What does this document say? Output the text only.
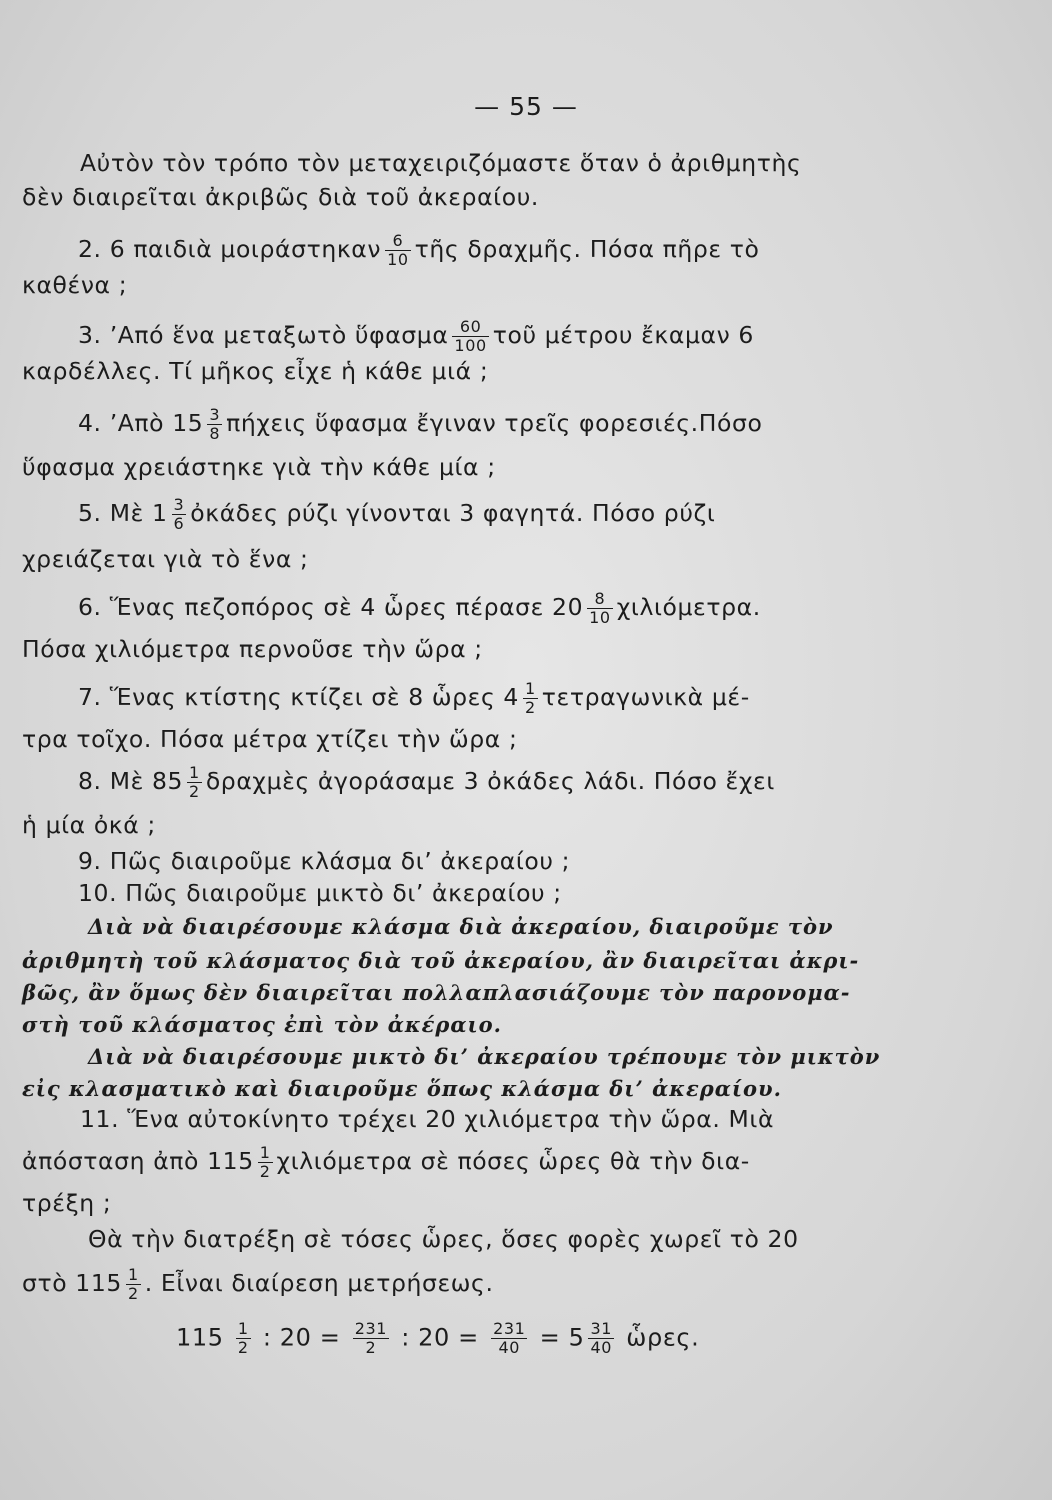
— 55 —
Αὐτὸν τὸν τρόπο τὸν μεταχειριζόμαστε ὅταν ὁ ἀριθμητὴς
δὲν διαιρεῖται ἀκριβῶς διὰ τοῦ ἀκεραίου.
2. 6 παιδιὰ μοιράστηκαν $\frac{6}{10}$ τῆς δραχμῆς. Πόσα πῆρε τὸ
καθένα ;
3. ’Από ἕνα μεταξωτὸ ὕφασμα $\frac{60}{100}$ τοῦ μέτρου ἔκαμαν 6
καρδέλλες. Τί μῆκος εἶχε ἡ κάθε μιά ;
4. ’Απὸ $15 \frac{3}{8}$ πήχεις ὕφασμα ἔγιναν τρεῖς φορεσιές.Πόσο
ὕφασμα χρειάστηκε γιὰ τὴν κάθε μία ;
5. Μὲ $1 \frac{3}{6}$ ὀκάδες ρύζι γίνονται 3 φαγητά. Πόσο ρύζι
χρειάζεται γιὰ τὸ ἕνα ;
6. Ἕνας πεζοπόρος σὲ 4 ὧρες πέρασε $20 \frac{8}{10} \chi\iota\lambda\iota ό\mu\varepsilon\tau\rho\alpha$.
Πόσα χιλιόμετρα περνοῦσε τὴν ὥρα ;
7. Ἕνας κτίστης κτίζει σὲ 8 ὧρες $4 \frac{1}{2}$ τετραγωνικὰ μέ-
τρα τοῖχο. Πόσα μέτρα χτίζει τὴν ὥρα ;
8. Μὲ $85 \frac{1}{2}$ δραχμὲς ἀγοράσαμε 3 ὀκάδες λάδι. Πόσο ἔχει
ἡ μία ὀκά ;
9. Πῶς διαιροῦμε κλάσμα δι’ ἀκεραίου ;
10. Πῶς διαιροῦμε μικτὸ δι’ ἀκεραίου ;
Διὰ νὰ διαιρέσουμε κλάσμα διὰ ἀκεραίου, διαιροῦμε τὸν
ἀριθμητὴ τοῦ κλάσματος διὰ τοῦ ἀκεραίου, ἂν διαιρεῖται ἀκρι-
βῶς, ἂν ὅμως δὲν διαιρεῖται πολλαπλασιάζουμε τὸν παρονομα-
στὴ τοῦ κλάσματος ἐπὶ τὸν ἀκέραιο.
Διὰ νὰ διαιρέσουμε μικτὸ δι’ ἀκεραίου τρέπουμε τὸν μικτὸν
εἰς κλασματικὸ καὶ διαιροῦμε ὅπως κλάσμα δι’ ἀκεραίου.
11. Ἕνα αὐτοκίνητο τρέχει 20 χιλιόμετρα τὴν ὥρα. Μιὰ
ἀπόσταση ἀπὸ $115 \frac{1}{2}$ χιλιόμετρα σὲ πόσες ὧρες θὰ τὴν δια-
τρέξη ;
Θὰ τὴν διατρέξη σὲ τόσες ὧρες, ὅσες φορὲς χωρεῖ τὸ 20
στὸ $115 \frac{1}{2}$ . Εἶναι διαίρεση μετρήσεως.
$115 \frac{1}{2}$ : $20 = \frac{231}{2}$ : $20 = \frac{231}{40} = 5 \frac{31}{40}$ ὧρες.
